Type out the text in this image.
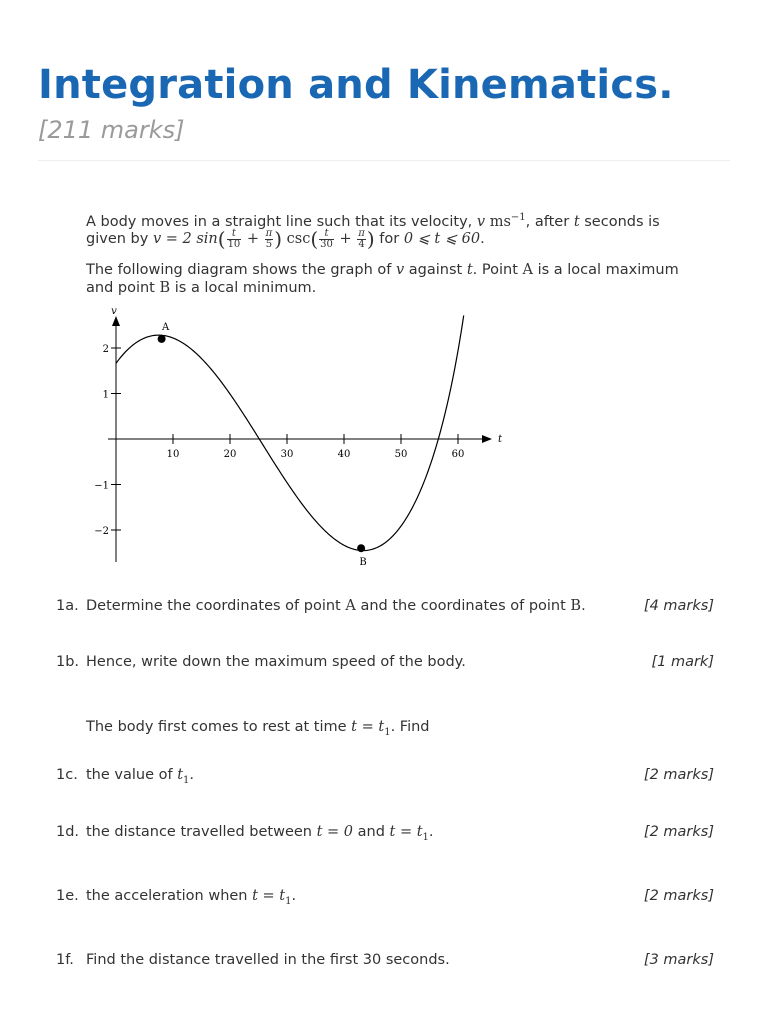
Integration and Kinematics.
[211 marks]
A body moves in a straight line such that its velocity, v $ms^{-1}$, after t seconds is
given by v = 2 $\sin( \frac{t}{10} + \frac{\pi}{5}$ ) $\csc( \frac{t}{30} + \frac{\pi}{4}$ ) for 0 ⩽ t ⩽ 60.
The following diagram shows the graph of v against t. Point A is a local maximum
and point B is a local minimum.
v
t
10	20	30	40	50	60
2
1
−1
−2
A
B
1a. Determine the coordinates of point A and the coordinates of point B.	[4 marks]
1b. Hence, write down the maximum speed of the body.	[1 mark]
The body first comes to rest at time $t = t_1$. Find
1c. the value of $t_1$.	[2 marks]
1d. the distance travelled between t = 0 and $t = t_1$.	[2 marks]
1e. the acceleration when $t = t_1$.	[2 marks]
1f. Find the distance travelled in the first 30 seconds.	[3 marks]
